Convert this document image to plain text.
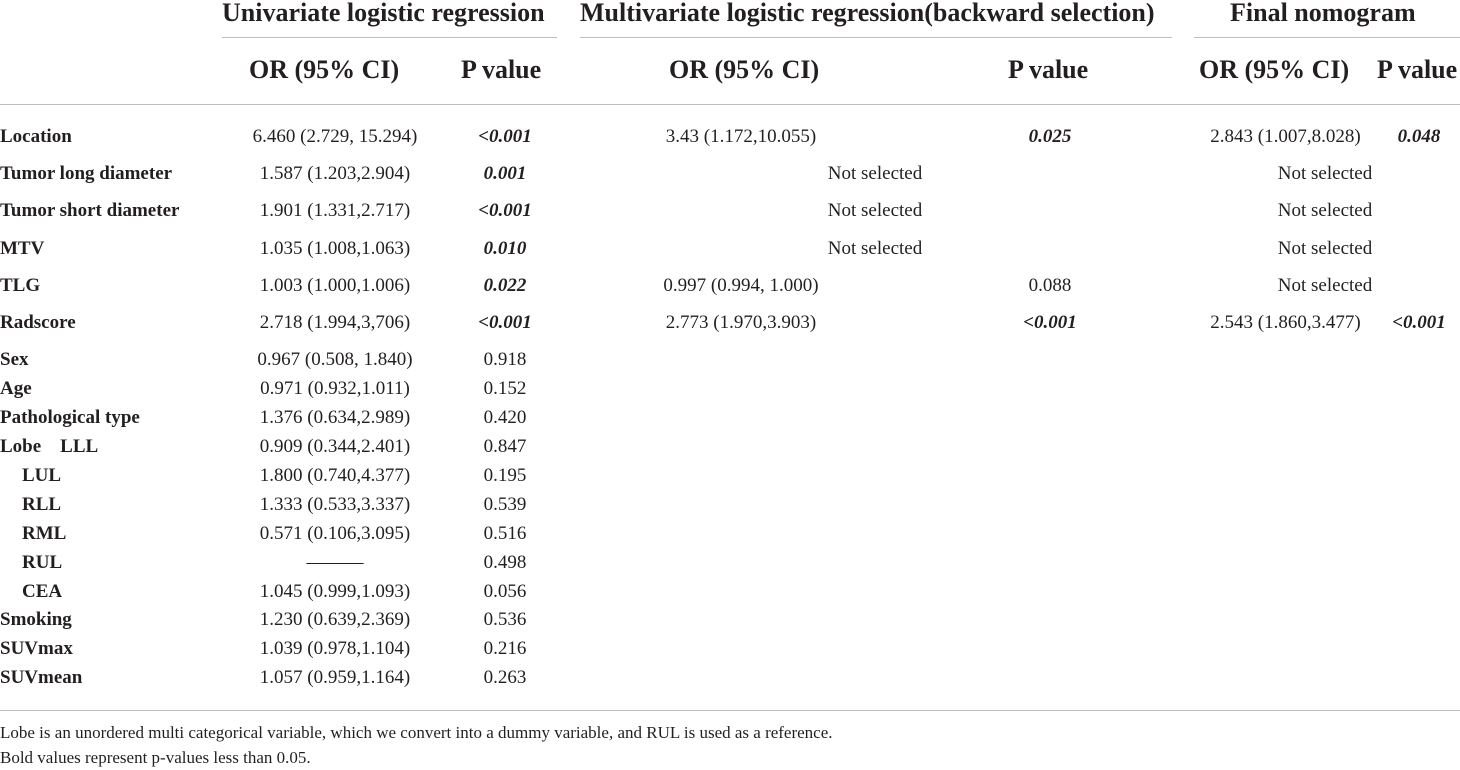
Univariate logistic regression Multivariate logistic regression(backward selection)	Final nomogram
OR (95% CI) P value	OR (95% CI)	P value	OR (95% CI) P value
Location	6.460 (2.729, 15.294)	<0.001	3.43 (1.172,10.055)	0.025	2.843 (1.007,8.028)	0.048
Tumor long diameter	1.587 (1.203,2.904)	0.001	Not selected	Not selected
Tumor short diameter	1.901 (1.331,2.717)	<0.001	Not selected	Not selected
MTV	1.035 (1.008,1.063)	0.010	Not selected	Not selected
TLG	1.003 (1.000,1.006)	0.022	0.997 (0.994, 1.000)	0.088	Not selected
Radscore	2.718 (1.994,3,706)	<0.001	2.773 (1.970,3.903)	<0.001	2.543 (1.860,3.477)	<0.001
Sex	0.967 (0.508, 1.840)	0.918
Age	0.971 (0.932,1.011)	0.152
Pathological type	1.376 (0.634,2.989)	0.420
Lobe    LLL	0.909 (0.344,2.401)	0.847
LUL	1.800 (0.740,4.377)	0.195
RLL	1.333 (0.533,3.337)	0.539
RML	0.571 (0.106,3.095)	0.516
RUL	———	0.498
CEA	1.045 (0.999,1.093)	0.056
Smoking	1.230 (0.639,2.369)	0.536
SUVmax	1.039 (0.978,1.104)	0.216
SUVmean	1.057 (0.959,1.164)	0.263
Lobe is an unordered multi categorical variable, which we convert into a dummy variable, and RUL is used as a reference.
Bold values represent p-values less than 0.05.
